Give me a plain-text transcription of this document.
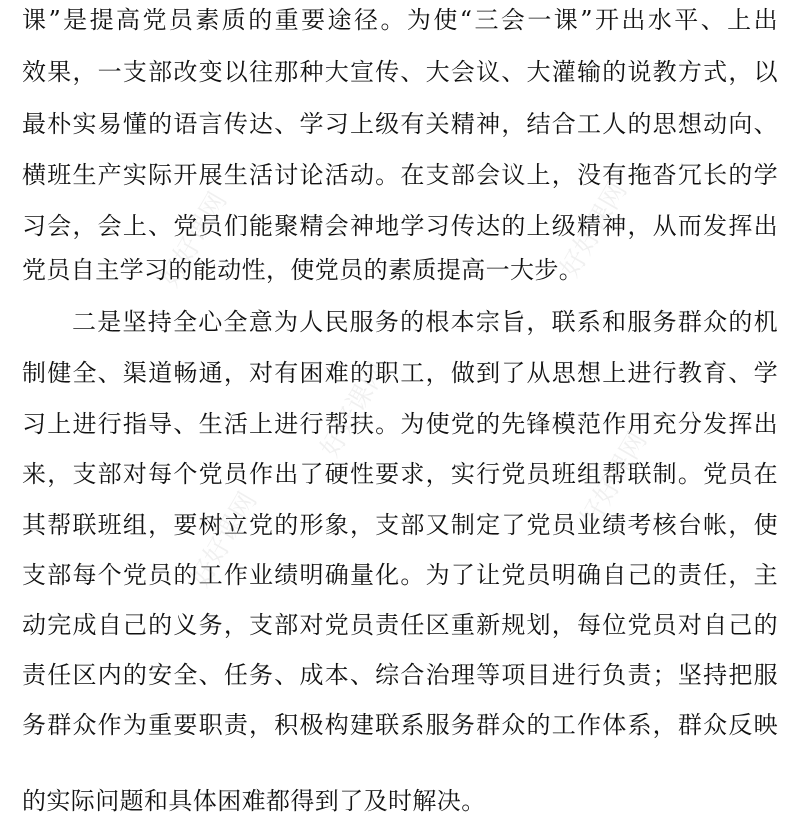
课”是提高党员素质的重要途径。为使“三会一课”开出水平、上出
效果，一支部改变以往那种大宣传、大会议、大灌输的说教方式，以
最朴实易懂的语言传达、学习上级有关精神，结合工人的思想动向、
横班生产实际开展生活讨论活动。在支部会议上，没有拖沓冗长的学
习会，会上、党员们能聚精会神地学习传达的上级精神，从而发挥出
党员自主学习的能动性，使党员的素质提高一大步。
二是坚持全心全意为人民服务的根本宗旨，联系和服务群众的机
制健全、渠道畅通，对有困难的职工，做到了从思想上进行教育、学
习上进行指导、生活上进行帮扶。为使党的先锋模范作用充分发挥出
来，支部对每个党员作出了硬性要求，实行党员班组帮联制。党员在
其帮联班组，要树立党的形象，支部又制定了党员业绩考核台帐，使
支部每个党员的工作业绩明确量化。为了让党员明确自己的责任，主
动完成自己的义务，支部对党员责任区重新规划，每位党员对自己的
责任区内的安全、任务、成本、综合治理等项目进行负责；坚持把服
务群众作为重要职责，积极构建联系服务群众的工作体系，群众反映
的实际问题和具体困难都得到了及时解决。
好好课网	好好课网
好好课网
好好课网
好好课网
